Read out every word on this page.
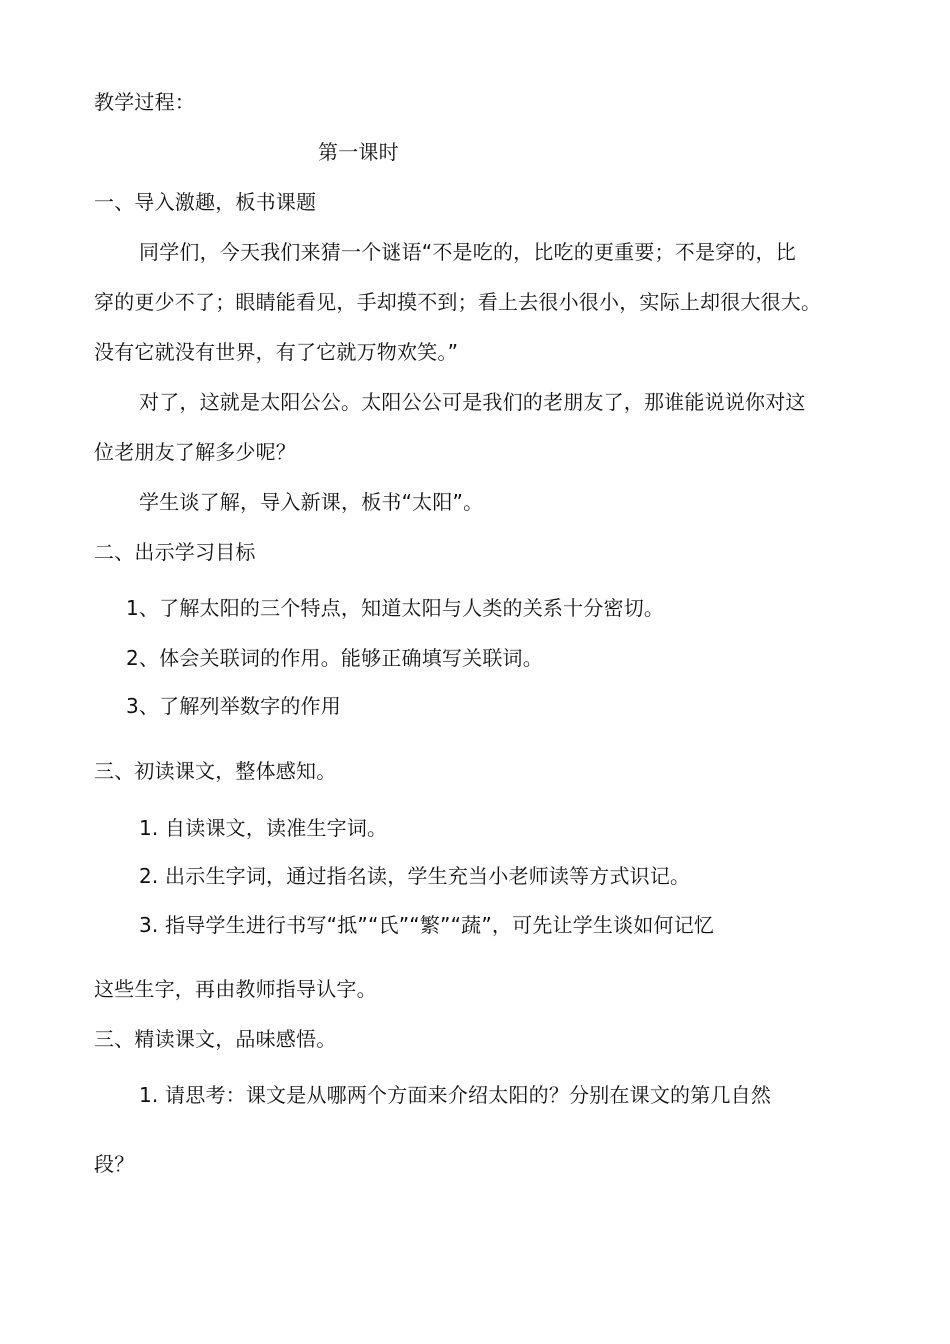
教学过程：
第一课时
一、导入激趣，板书课题
同学们，今天我们来猜一个谜语“不是吃的，比吃的更重要；不是穿的，比
穿的更少不了；眼睛能看见，手却摸不到；看上去很小很小，实际上却很大很大。
没有它就没有世界，有了它就万物欢笑。”
对了，这就是太阳公公。太阳公公可是我们的老朋友了，那谁能说说你对这
位老朋友了解多少呢？
学生谈了解，导入新课，板书“太阳”。
二、出示学习目标
1、了解太阳的三个特点，知道太阳与人类的关系十分密切。
2、体会关联词的作用。能够正确填写关联词。
3、了解列举数字的作用
三、初读课文，整体感知。
1. 自读课文，读准生字词。
2. 出示生字词，通过指名读，学生充当小老师读等方式识记。
3. 指导学生进行书写“抵”“氏”“繁”“蔬”，可先让学生谈如何记忆
这些生字，再由教师指导认字。
三、精读课文，品味感悟。
1. 请思考：课文是从哪两个方面来介绍太阳的？分别在课文的第几自然
段？
